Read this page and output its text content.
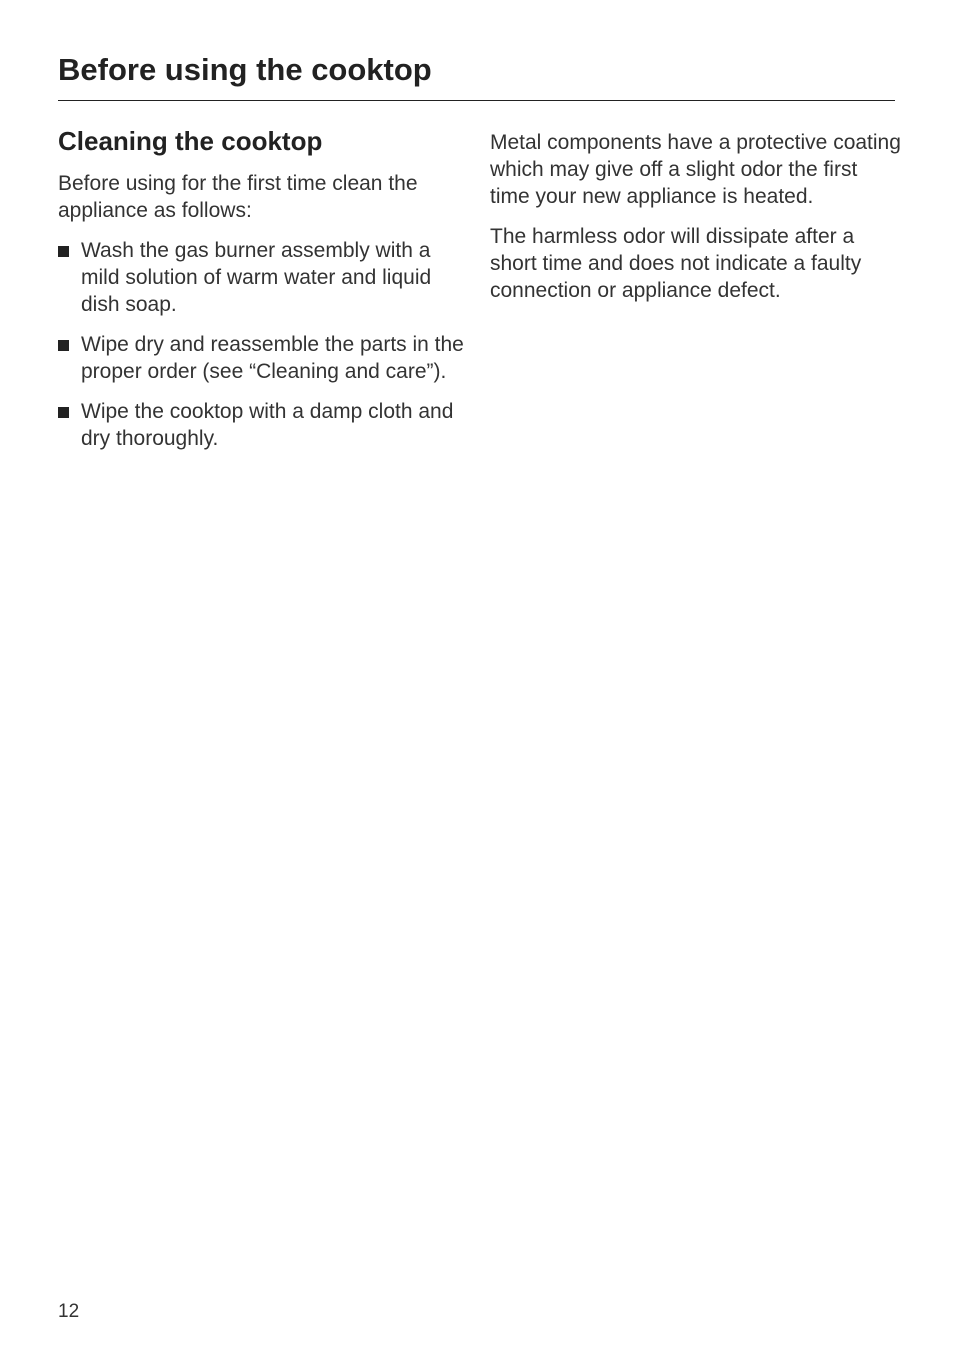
Before using the cooktop
Cleaning the cooktop

Before using for the first time clean the appliance as follows:

Wash the gas burner assembly with a mild solution of warm water and liquid dish soap.
Wipe dry and reassemble the parts in the proper order (see “Cleaning and care”).
Wipe the cooktop with a damp cloth and dry thoroughly.

Metal components have a protective coating which may give off a slight odor the first time your new appliance is heated.

The harmless odor will dissipate after a short time and does not indicate a faulty connection or appliance defect.

12
